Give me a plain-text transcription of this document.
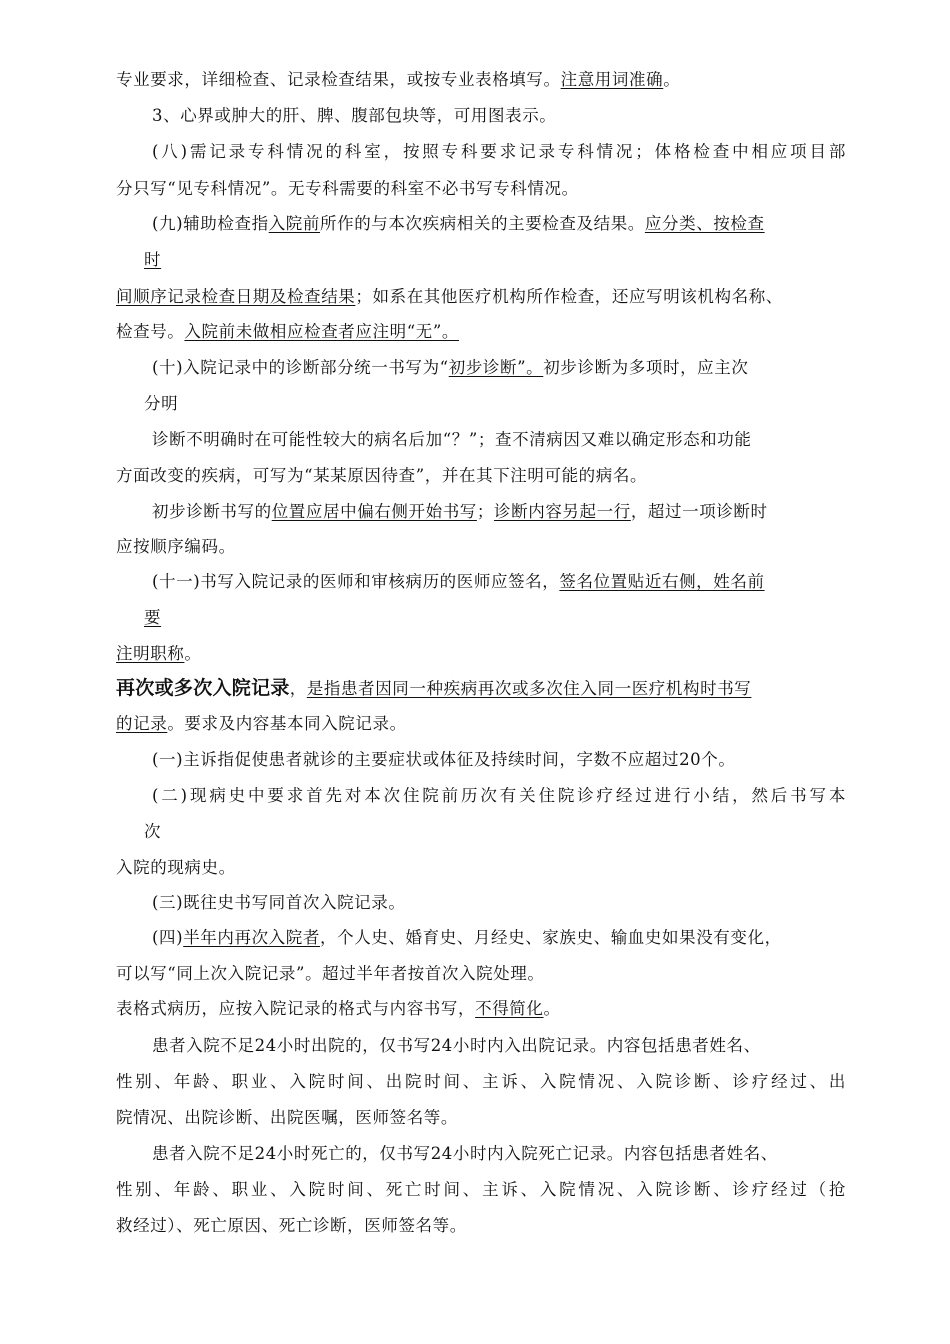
专业要求，详细检查、记录检查结果，或按专业表格填写。注意用词准确。
3、心界或肿大的肝、脾、腹部包块等，可用图表示。
(八)需记录专科情况的科室，按照专科要求记录专科情况；体格检查中相应项目部
分只写“见专科情况”。无专科需要的科室不必书写专科情况。
(九)辅助检查指入院前所作的与本次疾病相关的主要检查及结果。应分类、按检查
时
间顺序记录检查日期及检查结果；如系在其他医疗机构所作检查，还应写明该机构名称、
检查号。入院前未做相应检查者应注明“无”。
(十)入院记录中的诊断部分统一书写为“初步诊断”。初步诊断为多项时，应主次
分明
诊断不明确时在可能性较大的病名后加“？”；查不清病因又难以确定形态和功能
方面改变的疾病，可写为“某某原因待查”，并在其下注明可能的病名。
初步诊断书写的位置应居中偏右侧开始书写；诊断内容另起一行，超过一项诊断时
应按顺序编码。
(十一)书写入院记录的医师和审核病历的医师应签名，签名位置贴近右侧，姓名前
要
注明职称。
再次或多次入院记录，是指患者因同一种疾病再次或多次住入同一医疗机构时书写
的记录。要求及内容基本同入院记录。
(一)主诉指促使患者就诊的主要症状或体征及持续时间，字数不应超过20个。
(二)现病史中要求首先对本次住院前历次有关住院诊疗经过进行小结，然后书写本
次
入院的现病史。
(三)既往史书写同首次入院记录。
(四)半年内再次入院者，个人史、婚育史、月经史、家族史、输血史如果没有变化，
可以写“同上次入院记录”。超过半年者按首次入院处理。
表格式病历，应按入院记录的格式与内容书写，不得简化。
患者入院不足24小时出院的，仅书写24小时内入出院记录。内容包括患者姓名、
性别、年龄、职业、入院时间、出院时间、主诉、入院情况、入院诊断、诊疗经过、出
院情况、出院诊断、出院医嘱，医师签名等。
患者入院不足24小时死亡的，仅书写24小时内入院死亡记录。内容包括患者姓名、
性别、年龄、职业、入院时间、死亡时间、主诉、入院情况、入院诊断、诊疗经过（抢
救经过）、死亡原因、死亡诊断，医师签名等。
